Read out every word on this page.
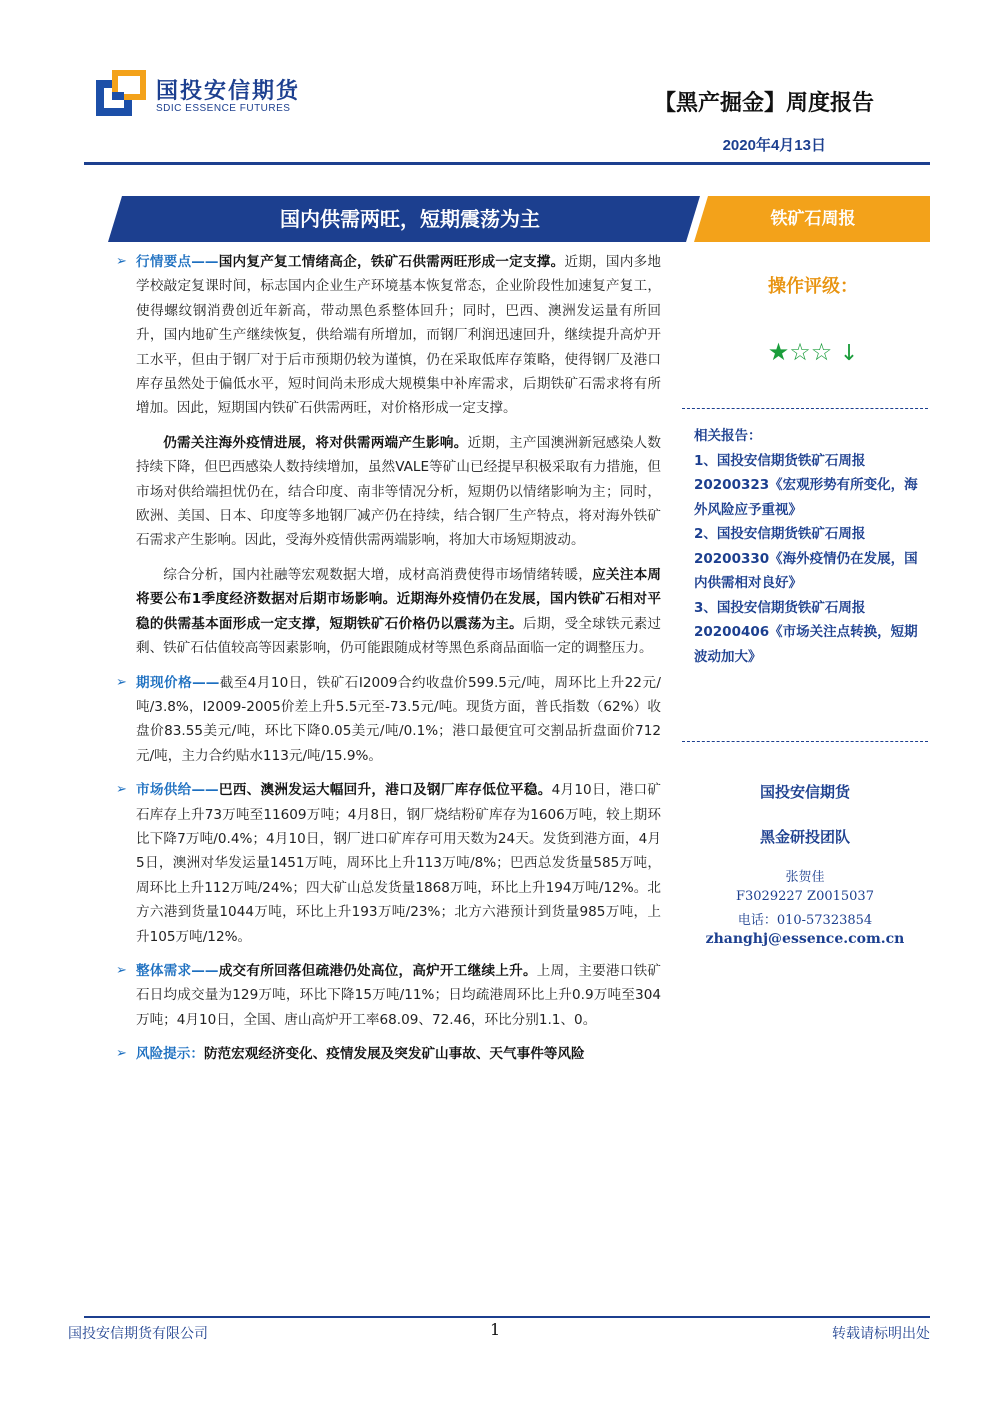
国投安信期货
SDIC ESSENCE FUTURES	【黑产掘金】周度报告
2020年4月13日
国内供需两旺，短期震荡为主	铁矿石周报

➢ 行情要点——国内复产复工情绪高企，铁矿石供需两旺形成一定支撑。近期，国内多地学校敲定复课时间，标志国内企业生产环境基本恢复常态，企业阶段性加速复产复工，使得螺纹钢消费创近年新高，带动黑色系整体回升；同时，巴西、澳洲发运量有所回升，国内地矿生产继续恢复，供给端有所增加，而钢厂利润迅速回升，继续提升高炉开工水平，但由于钢厂对于后市预期仍较为谨慎，仍在采取低库存策略，使得钢厂及港口库存虽然处于偏低水平，短时间尚未形成大规模集中补库需求，后期铁矿石需求将有所增加。因此，短期国内铁矿石供需两旺，对价格形成一定支撑。

仍需关注海外疫情进展，将对供需两端产生影响。近期，主产国澳洲新冠感染人数持续下降，但巴西感染人数持续增加，虽然VALE等矿山已经提早积极采取有力措施，但市场对供给端担忧仍在，结合印度、南非等情况分析，短期仍以情绪影响为主；同时，欧洲、美国、日本、印度等多地钢厂减产仍在持续，结合钢厂生产特点，将对海外铁矿石需求产生影响。因此，受海外疫情供需两端影响，将加大市场短期波动。

综合分析，国内社融等宏观数据大增，成材高消费使得市场情绪转暖，应关注本周将要公布1季度经济数据对后期市场影响。近期海外疫情仍在发展，国内铁矿石相对平稳的供需基本面形成一定支撑，短期铁矿石价格仍以震荡为主。后期，受全球铁元素过剩、铁矿石估值较高等因素影响，仍可能跟随成材等黑色系商品面临一定的调整压力。

➢ 期现价格——截至4月10日，铁矿石I2009合约收盘价599.5元/吨，周环比上升22元/吨/3.8%，I2009-2005价差上升5.5元至-73.5元/吨。现货方面，普氏指数（62%）收盘价83.55美元/吨，环比下降0.05美元/吨/0.1%；港口最便宜可交割品折盘面价712元/吨，主力合约贴水113元/吨/15.9%。

➢ 市场供给——巴西、澳洲发运大幅回升，港口及钢厂库存低位平稳。4月10日，港口矿石库存上升73万吨至11609万吨；4月8日，钢厂烧结粉矿库存为1606万吨，较上期环比下降7万吨/0.4%；4月10日，钢厂进口矿库存可用天数为24天。发货到港方面，4月5日，澳洲对华发运量1451万吨，周环比上升113万吨/8%；巴西总发货量585万吨，周环比上升112万吨/24%；四大矿山总发货量1868万吨，环比上升194万吨/12%。北方六港到货量1044万吨，环比上升193万吨/23%；北方六港预计到货量985万吨，上升105万吨/12%。

➢ 整体需求——成交有所回落但疏港仍处高位，高炉开工继续上升。上周，主要港口铁矿石日均成交量为129万吨，环比下降15万吨/11%；日均疏港周环比上升0.9万吨至304万吨；4月10日，全国、唐山高炉开工率68.09、72.46，环比分别1.1、0。

➢ 风险提示：防范宏观经济变化、疫情发展及突发矿山事故、天气事件等风险

操作评级：
★☆☆ ↓

相关报告：

1、国投安信期货铁矿石周报20200323《宏观形势有所变化，海外风险应予重视》

2、国投安信期货铁矿石周报20200330《海外疫情仍在发展，国内供需相对良好》

3、国投安信期货铁矿石周报20200406《市场关注点转换，短期波动加大》

国投安信期货
黑金研投团队
张贺佳
F3029227 Z0015037
电话：010-57323854
zhanghj@essence.com.cn
国投安信期货有限公司	1	转载请标明出处
